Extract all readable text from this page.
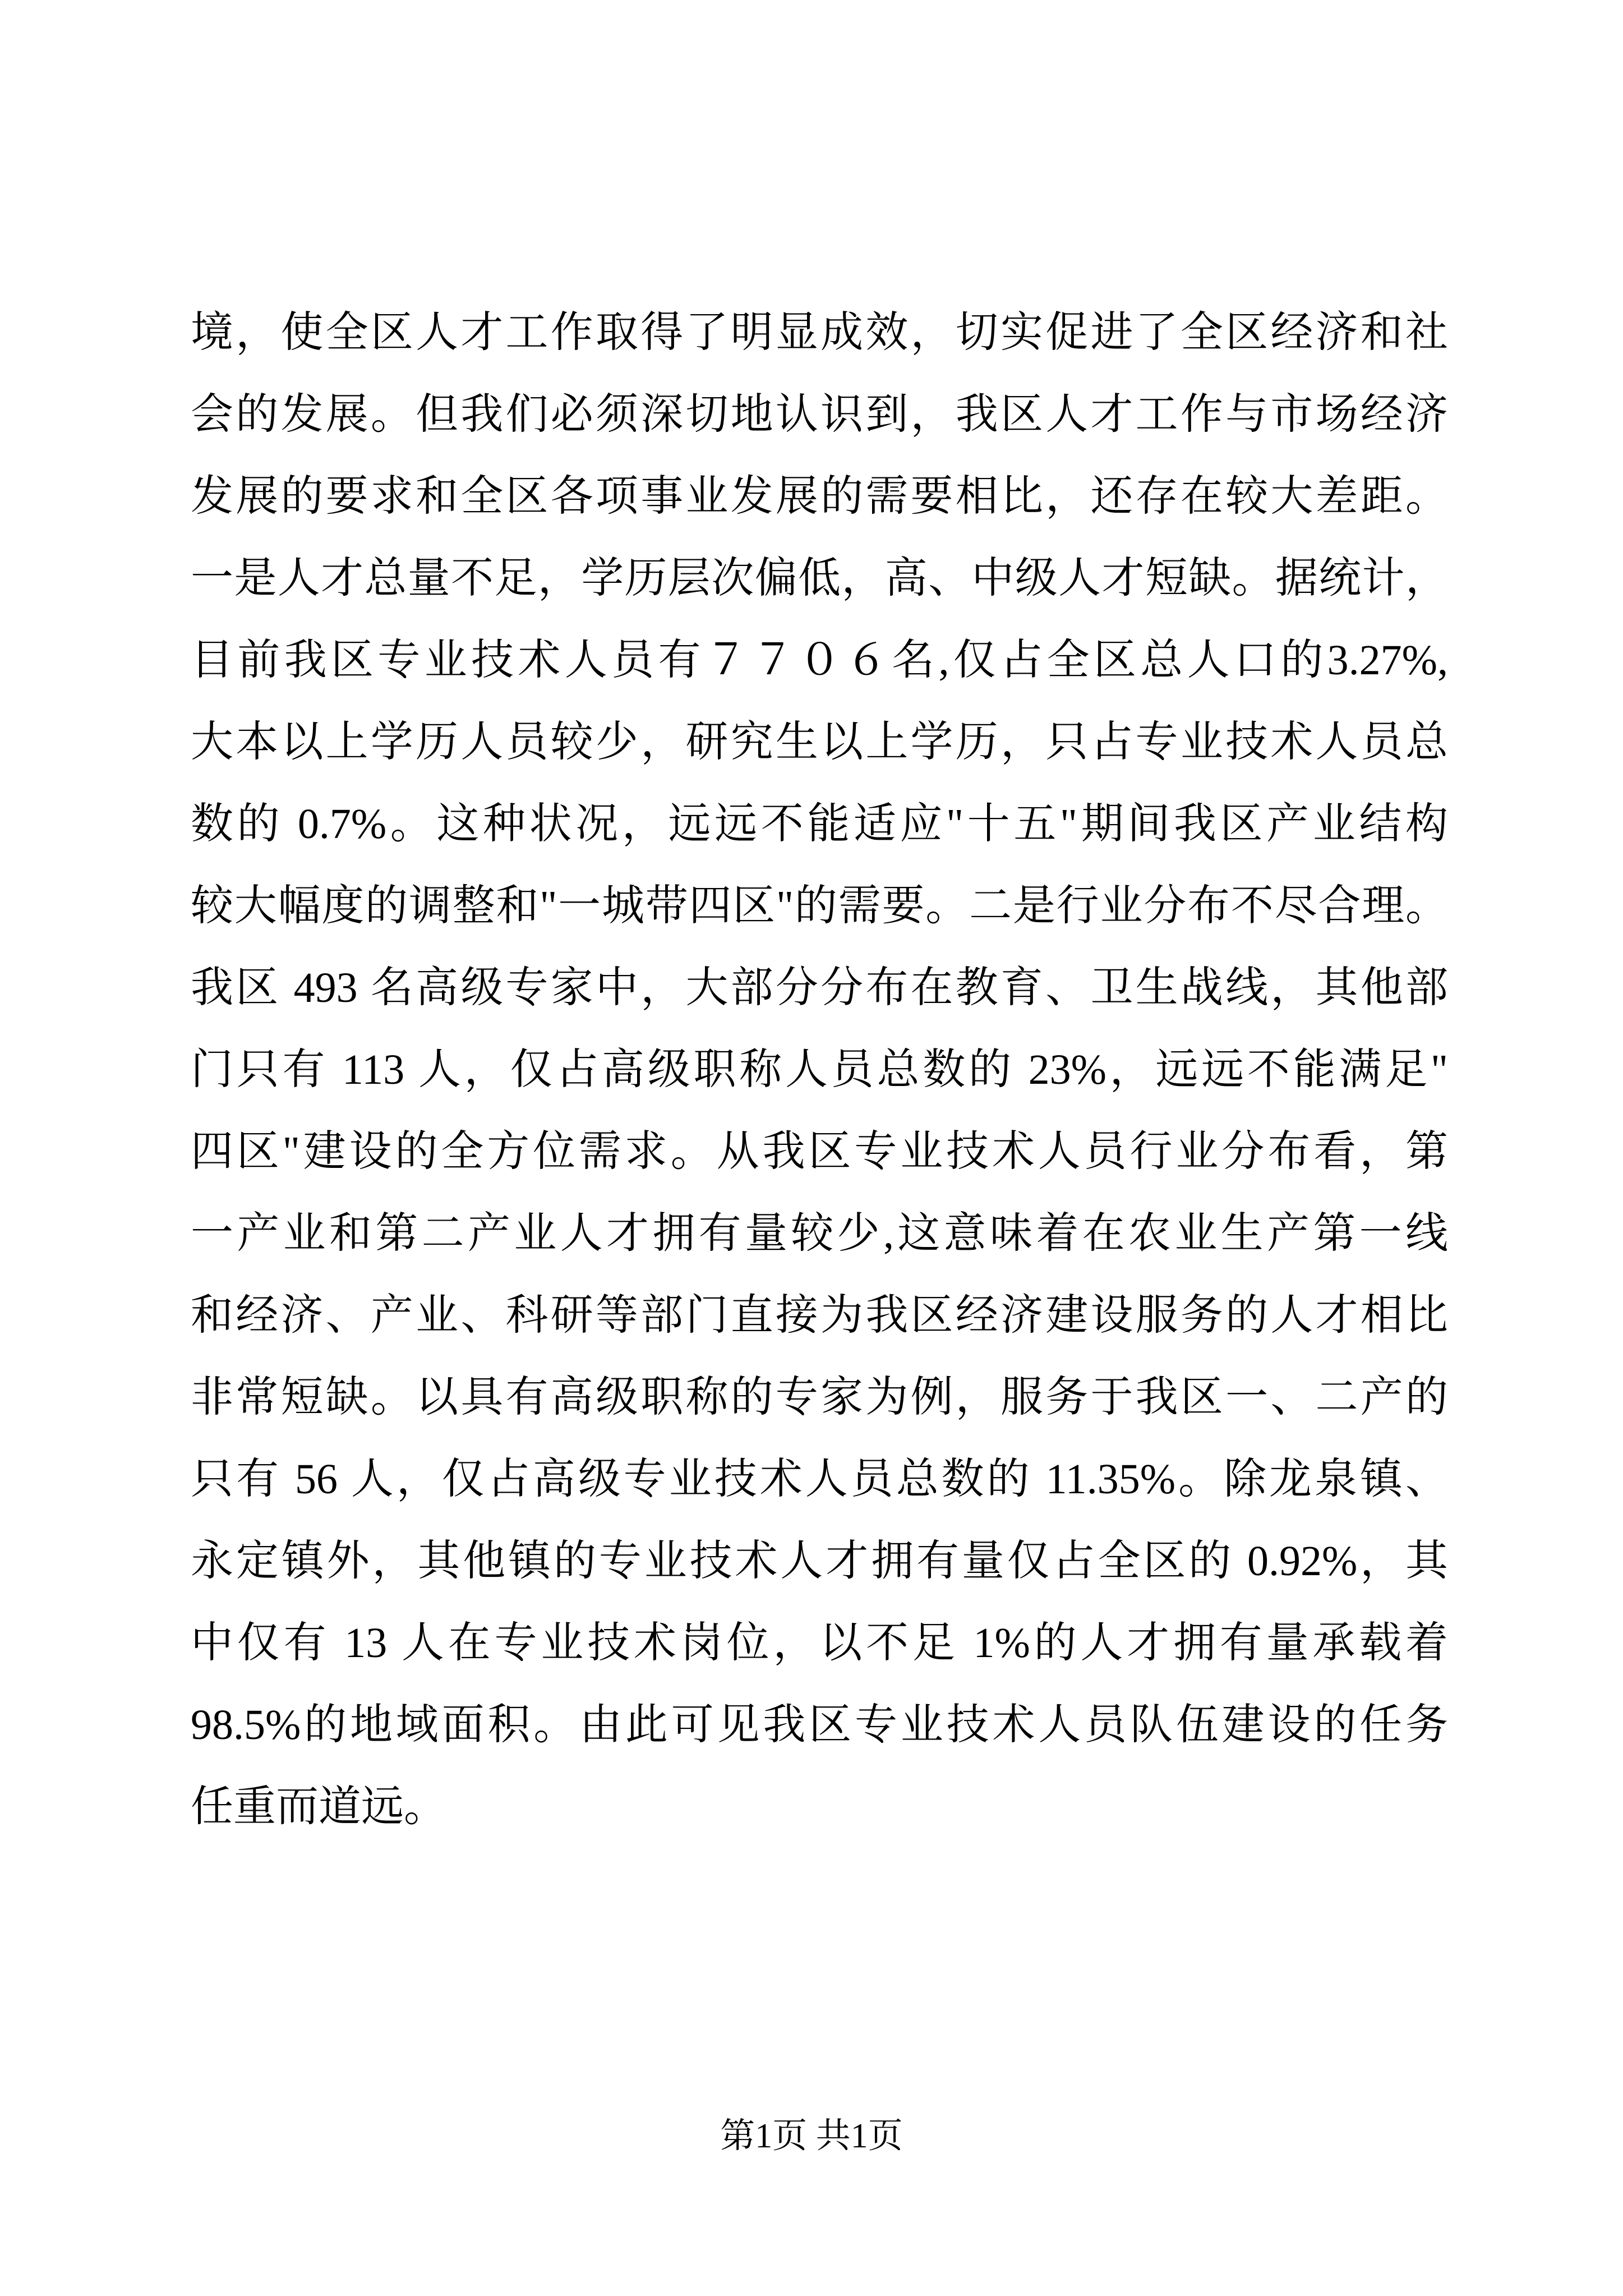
境，使全区人才工作取得了明显成效，切实促进了全区经济和社
会的发展。但我们必须深切地认识到，我区人才工作与市场经济
发展的要求和全区各项事业发展的需要相比，还存在较大差距。
一是人才总量不足，学历层次偏低，高、中级人才短缺。据统计，
目前我区专业技术人员有７７０６名,仅占全区总人口的3.27%,
大本以上学历人员较少，研究生以上学历，只占专业技术人员总
数的 0.7%。这种状况，远远不能适应"十五"期间我区产业结构
较大幅度的调整和"一城带四区"的需要。二是行业分布不尽合理。
我区 493 名高级专家中，大部分分布在教育、卫生战线，其他部
门只有 113 人，仅占高级职称人员总数的 23%，远远不能满足"
四区"建设的全方位需求。从我区专业技术人员行业分布看，第
一产业和第二产业人才拥有量较少,这意味着在农业生产第一线
和经济、产业、科研等部门直接为我区经济建设服务的人才相比
非常短缺。以具有高级职称的专家为例，服务于我区一、二产的
只有 56 人，仅占高级专业技术人员总数的 11.35%。除龙泉镇、
永定镇外，其他镇的专业技术人才拥有量仅占全区的 0.92%，其
中仅有 13 人在专业技术岗位，以不足 1%的人才拥有量承载着
98.5%的地域面积。由此可见我区专业技术人员队伍建设的任务
任重而道远。
第1页 共1页
